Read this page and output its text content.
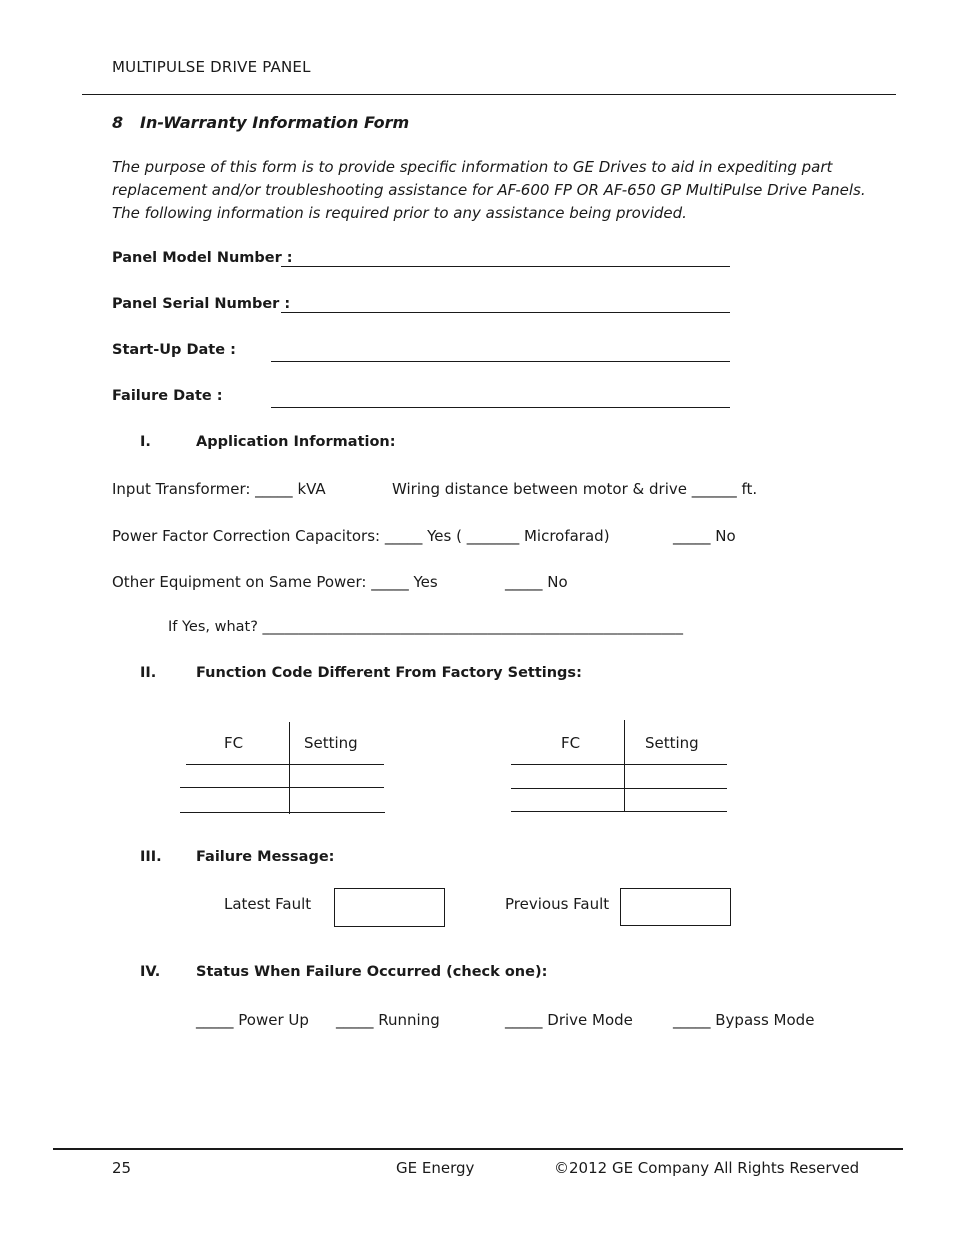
MULTIPULSE DRIVE PANEL
8 In-Warranty Information Form
The purpose of this form is to provide specific information to GE Drives to aid in expediting part
replacement and/or troubleshooting assistance for AF-600 FP OR AF-650 GP MultiPulse Drive Panels.
The following information is required prior to any assistance being provided.
Panel Model Number :
Panel Serial Number :
Start-Up Date :
Failure Date :
I.	Application Information:
Input Transformer: _____ kVA	Wiring distance between motor & drive ______ ft.
Power Factor Correction Capacitors: _____ Yes ( _______ Microfarad)	_____ No
Other Equipment on Same Power: _____ Yes	_____ No
If Yes, what? __________________________________________________________
II.	Function Code Different From Factory Settings:
FC	Setting	FC	Setting
III. Failure Message:
Latest Fault	Previous Fault
IV. Status When Failure Occurred (check one):
_____ Power Up _____ Running	_____ Drive Mode	_____ Bypass Mode
25	GE Energy	©2012 GE Company All Rights Reserved
